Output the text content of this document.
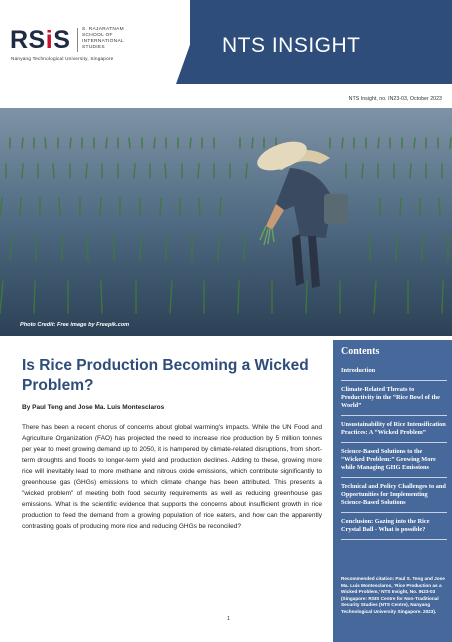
RSiS S. RAJARATNAM SCHOOL OF INTERNATIONAL STUDIES
Nanyang Technological University, Singapore
NTS INSIGHT
NTS Insight, no. IN23-03, October 2023
Photo Credit: Free image by Freepik.com
Is Rice Production Becoming a Wicked Problem?
By Paul Teng and Jose Ma. Luis Montesclaros
There has been a recent chorus of concerns about global warming's impacts. While the UN Food and Agriculture Organization (FAO) has projected the need to increase rice production by 5 million tonnes per year to meet growing demand up to 2050, it is hampered by climate-related disruptions, from short-term droughts and floods to longer-term yield and production declines. Adding to these, growing more rice will inevitably lead to more methane and nitrous oxide emissions, which contribute significantly to greenhouse gas (GHGs) emissions to which climate change has been attributed. This presents a "wicked problem" of meeting both food security requirements as well as reducing greenhouse gas emissions. What is the scientific evidence that supports the concerns about insufficient growth in rice production to feed the demand from a growing population of rice eaters, and how can the apparently contrasting goals of producing more rice and reducing GHGs be reconciled?
1
Contents
Introduction
Climate-Related Threats to Productivity in the “Rice Bowl of the World”
Unsustainability of Rice Intensification Practices: A “Wicked Problem”
Science-Based Solutions to the “Wicked Problem:” Growing More while Managing GHG Emissions
Technical and Policy Challenges to and Opportunities for Implementing Science-Based Solutions
Conclusion: Gazing into the Rice Crystal Ball - What is possible?
Recommended citation: Paul S. Teng and Jose Ma. Luis Montesclaros, ‘Rice Production as a Wicked Problem,’ NTS Insight, No. IN23-03 (Singapore: RSIS Centre for Non-Traditional Security Studies (NTS Centre), Nanyang Technological University Singapore. 2023).
